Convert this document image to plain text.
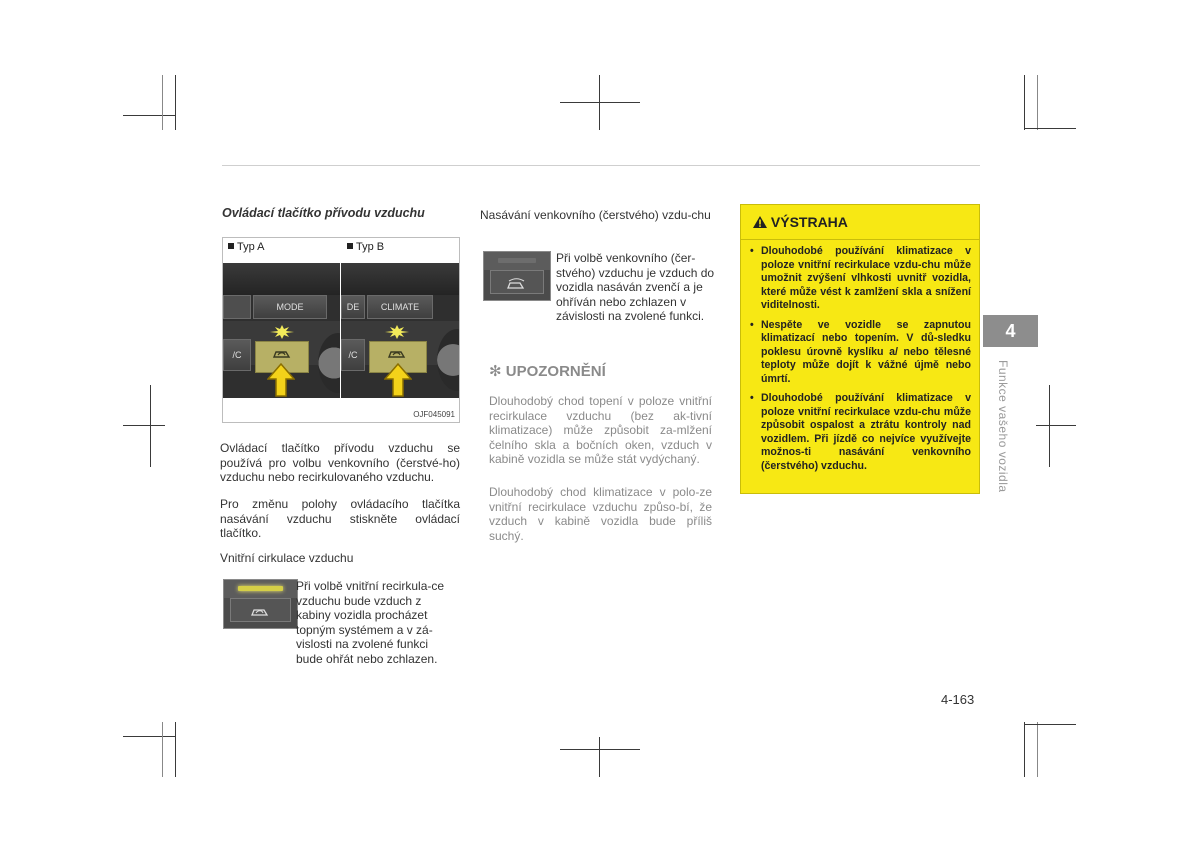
Ovládací tlačítko přívodu vzduchu
Typ A	Typ B
MODE
/C
DE	CLIMATE
/C
OJF045091
Ovládací tlačítko přívodu vzduchu se používá pro volbu venkovního (čerstvé-ho) vzduchu nebo recirkulovaného vzduchu.
Pro změnu polohy ovládacího tlačítka nasávání vzduchu stiskněte ovládací tlačítko.
Vnitřní cirkulace vzduchu
Při volbě vnitřní recirkula-ce vzduchu bude vzduch z kabiny vozidla procházet topným systémem a v zá-vislosti na zvolené funkci bude ohřát nebo zchlazen.
Nasávání venkovního (čerstvého) vzdu-chu
Při volbě venkovního (čer-stvého) vzduchu je vzduch do vozidla nasáván zvenčí a je ohříván nebo zchlazen v závislosti na zvolené funkci.
✻ UPOZORNĚNÍ
Dlouhodobý chod topení v poloze vnitřní recirkulace vzduchu (bez ak-tivní klimatizace) může způsobit za-mlžení čelního skla a bočních oken, vzduch v kabině vozidla se může stát vydýchaný.
Dlouhodobý chod klimatizace v polo-ze vnitřní recirkulace vzduchu způso-bí, že vzduch v kabině vozidla bude příliš suchý.
VÝSTRAHA
• Dlouhodobé používání klimatizace v poloze vnitřní recirkulace vzdu-chu může umožnit zvýšení vlhkosti uvnitř vozidla, které může vést k zamlžení skla a snížení viditelnosti.
• Nespěte ve vozidle se zapnutou klimatizací nebo topením. V dů-sledku poklesu úrovně kyslíku a/ nebo tělesné teploty může dojít k vážné újmě nebo úmrtí.
• Dlouhodobé používání klimatizace v poloze vnitřní recirkulace vzdu-chu může způsobit ospalost a ztrátu kontroly nad vozidlem. Při jízdě co nejvíce využívejte možnos-ti nasávání venkovního (čerstvého) vzduchu.
4
Funkce vašeho vozidla
4-163
